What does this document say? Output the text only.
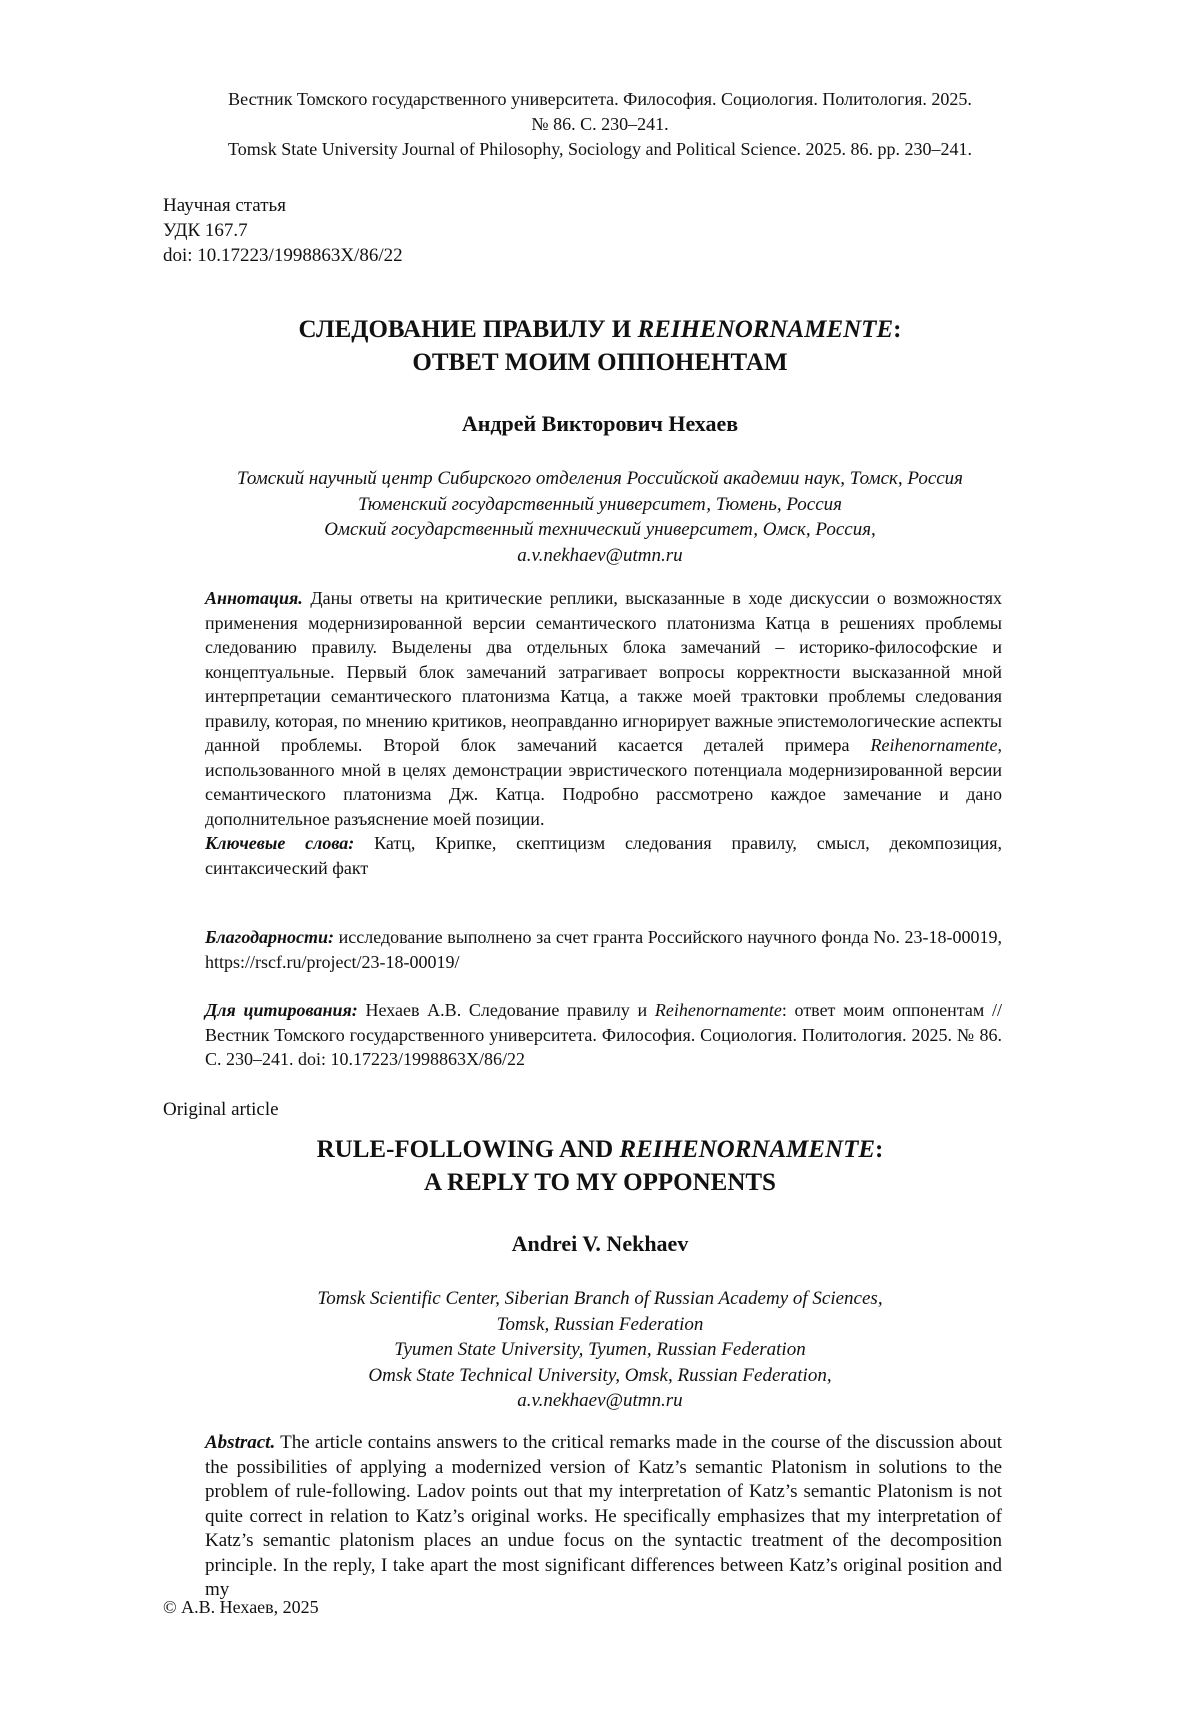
Вестник Томского государственного университета. Философия. Социология. Политология. 2025.
№ 86. С. 230–241.
Tomsk State University Journal of Philosophy, Sociology and Political Science. 2025. 86. pp. 230–241.
Научная статья
УДК 167.7
doi: 10.17223/1998863X/86/22
СЛЕДОВАНИЕ ПРАВИЛУ И REIHENORNAMENTE:
ОТВЕТ МОИМ ОППОНЕНТАМ
Андрей Викторович Нехаев
Томский научный центр Сибирского отделения Российской академии наук, Томск, Россия
Тюменский государственный университет, Тюмень, Россия
Омский государственный технический университет, Омск, Россия,
a.v.nekhaev@utmn.ru

Аннотация. Даны ответы на критические реплики, высказанные в ходе дискуссии о возможностях применения модернизированной версии семантического платонизма Катца в решениях проблемы следованию правилу. Выделены два отдельных блока замечаний – историко-философские и концептуальные. Первый блок замечаний затрагивает вопросы корректности высказанной мной интерпретации семантического платонизма Катца, а также моей трактовки проблемы следования правилу, которая, по мнению критиков, неоправданно игнорирует важные эпистемологические аспекты данной проблемы. Второй блок замечаний касается деталей примера Reihenornamente, использованного мной в целях демонстрации эвристического потенциала модернизированной версии семантического платонизма Дж. Катца. Подробно рассмотрено каждое замечание и дано дополнительное разъяснение моей позиции.

Ключевые слова: Катц, Крипке, скептицизм следования правилу, смысл, декомпозиция, синтаксический факт

Благодарности: исследование выполнено за счет гранта Российского научного фонда No. 23-18-00019, https://rscf.ru/project/23-18-00019/

Для цитирования: Нехаев А.В. Следование правилу и Reihenornamente: ответ моим оппонентам // Вестник Томского государственного университета. Философия. Социология. Политология. 2025. № 86. С. 230–241. doi: 10.17223/1998863X/86/22

Original article
RULE-FOLLOWING AND REIHENORNAMENTE:
A REPLY TO MY OPPONENTS
Andrei V. Nekhaev
Tomsk Scientific Center, Siberian Branch of Russian Academy of Sciences,
Tomsk, Russian Federation
Tyumen State University, Tyumen, Russian Federation
Omsk State Technical University, Omsk, Russian Federation,
a.v.nekhaev@utmn.ru

Abstract. The article contains answers to the critical remarks made in the course of the discussion about the possibilities of applying a modernized version of Katz’s semantic Platonism in solutions to the problem of rule-following. Ladov points out that my interpretation of Katz’s semantic Platonism is not quite correct in relation to Katz’s original works. He specifically emphasizes that my interpretation of Katz’s semantic platonism places an undue focus on the syntactic treatment of the decomposition principle. In the reply, I take apart the most significant differences between Katz’s original position and my

© А.В. Нехаев, 2025
